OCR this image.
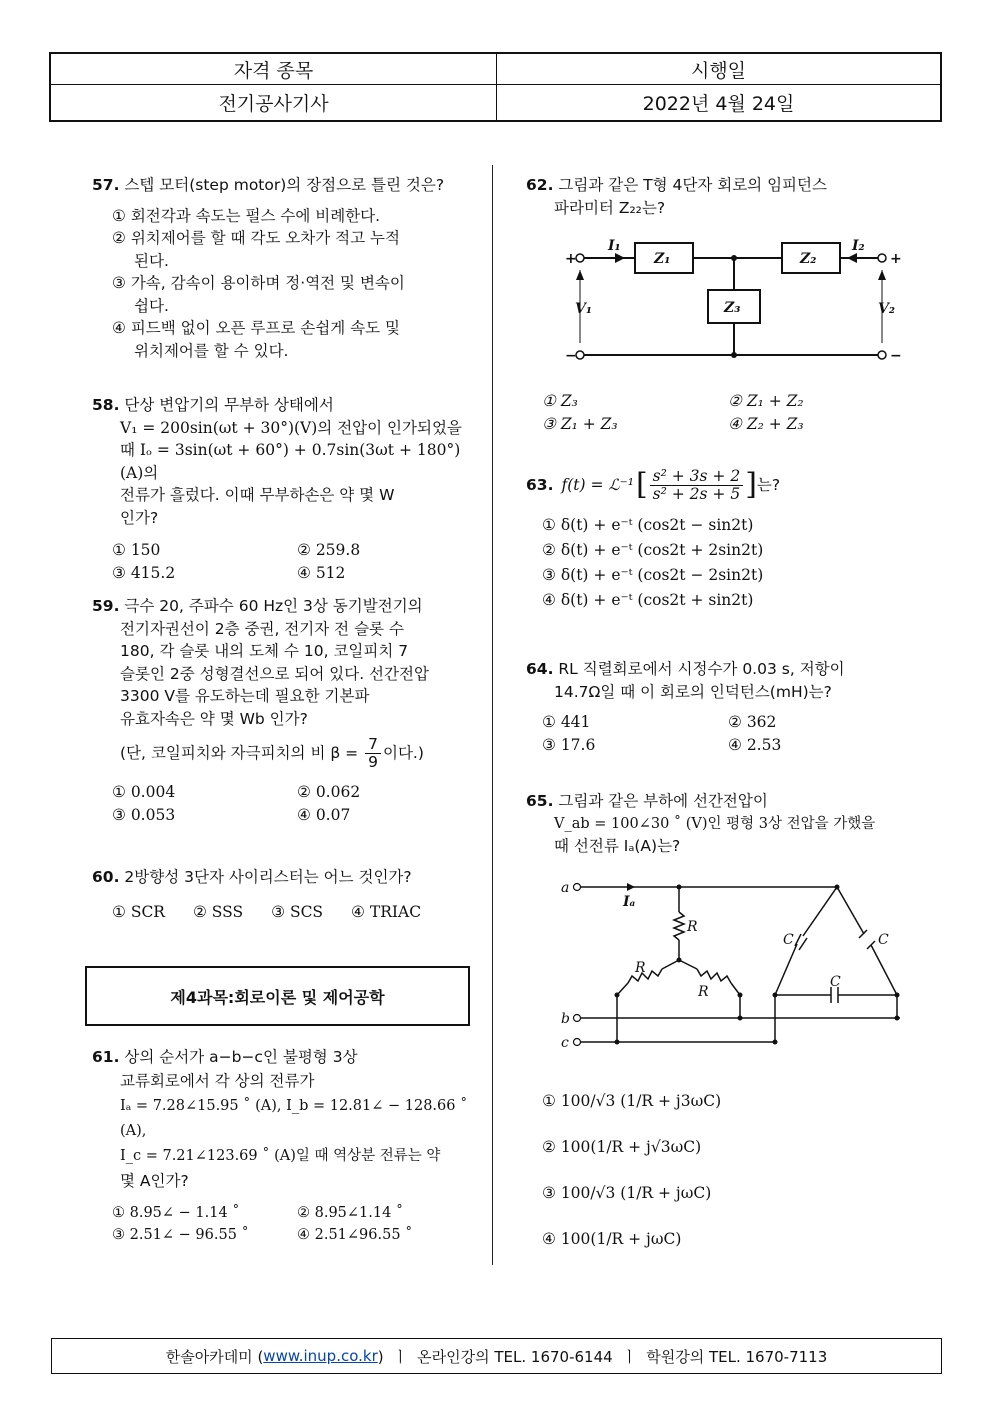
자격 종목	시행일
전기공사기사	2022년 4월 24일
57. 스텝 모터(step motor)의 장점으로 틀린 것은?
① 회전각과 속도는 펄스 수에 비례한다.
② 위치제어를 할 때 각도 오차가 적고 누적
된다.
③ 가속, 감속이 용이하며 정·역전 및 변속이
쉽다.
④ 피드백 없이 오픈 루프로 손쉽게 속도 및
위치제어를 할 수 있다.
58. 단상 변압기의 무부하 상태에서
V₁ = 200sin(ωt + 30°)(V)의 전압이 인가되었을
때 Iₒ = 3sin(ωt + 60°) + 0.7sin(3ωt + 180°)(A)의
전류가 흘렀다. 이때 무부하손은 약 몇 W
인가?
① 150	② 259.8
③ 415.2	④ 512
59. 극수 20, 주파수 60 Hz인 3상 동기발전기의
전기자권선이 2층 중권, 전기자 전 슬롯 수
180, 각 슬롯 내의 도체 수 10, 코일피치 7
슬롯인 2중 성형결선으로 되어 있다. 선간전압
3300 V를 유도하는데 필요한 기본파
유효자속은 약 몇 Wb 인가?
(단, 코일피치와 자극피치의 비 $\beta = \frac{7}{9}$ 이다.)
① 0.004	② 0.062
③ 0.053	④ 0.07
60. 2방향성 3단자 사이리스터는 어느 것인가?
① SCR ② SSS ③ SCS ④ TRIAC
제4과목:회로이론 및 제어공학
61. 상의 순서가 a−b−c인 불평형 3상
교류회로에서 각 상의 전류가
Iₐ = 7.28∠15.95 ˚ (A), I_b = 12.81∠ − 128.66 ˚ (A),
I_c = 7.21∠123.69 ˚ (A)일 때 역상분 전류는 약
몇 A인가?
① 8.95∠ − 1.14 ˚	② 8.95∠1.14 ˚
③ 2.51∠ − 96.55 ˚	④ 2.51∠96.55 ˚
62. 그림과 같은 T형 4단자 회로의 임피던스
파라미터 Z₂₂는?
I₁	I₂
Z₁	Z₂
Z₃
V₁	V₂
+
−
+
−
① Z₃	② Z₁ + Z₂
③ Z₁ + Z₃	④ Z₂ + Z₃
63. f(t) = ℒ⁻¹ [ $\frac{\text{s² + 3s + 2}}{\text{s² + 2s + 5}}$ ] 는?
① δ(t) + e⁻ᵗ (cos2t − sin2t)
② δ(t) + e⁻ᵗ (cos2t + 2sin2t)
③ δ(t) + e⁻ᵗ (cos2t − 2sin2t)
④ δ(t) + e⁻ᵗ (cos2t + sin2t)
64. RL 직렬회로에서 시정수가 0.03 s, 저항이
14.7Ω일 때 이 회로의 인덕턴스(mH)는?
① 441	② 362
③ 17.6	④ 2.53
65. 그림과 같은 부하에 선간전압이
V_ab = 100∠30 ˚ (V)인 평형 3상 전압을 가했을
때 선전류 Iₐ(A)는?
a
b
c
Iₐ
R
R
R
C	C
C
① 100/√3 (1/R + j3ωC)
② 100(1/R + j√3ωC)
③ 100/√3 (1/R + jωC)
④ 100(1/R + jωC)
한솔아카데미 ( www.inup.co.kr )  ㅣ  온라인강의 TEL. 1670-6144  ㅣ  학원강의 TEL. 1670-7113
